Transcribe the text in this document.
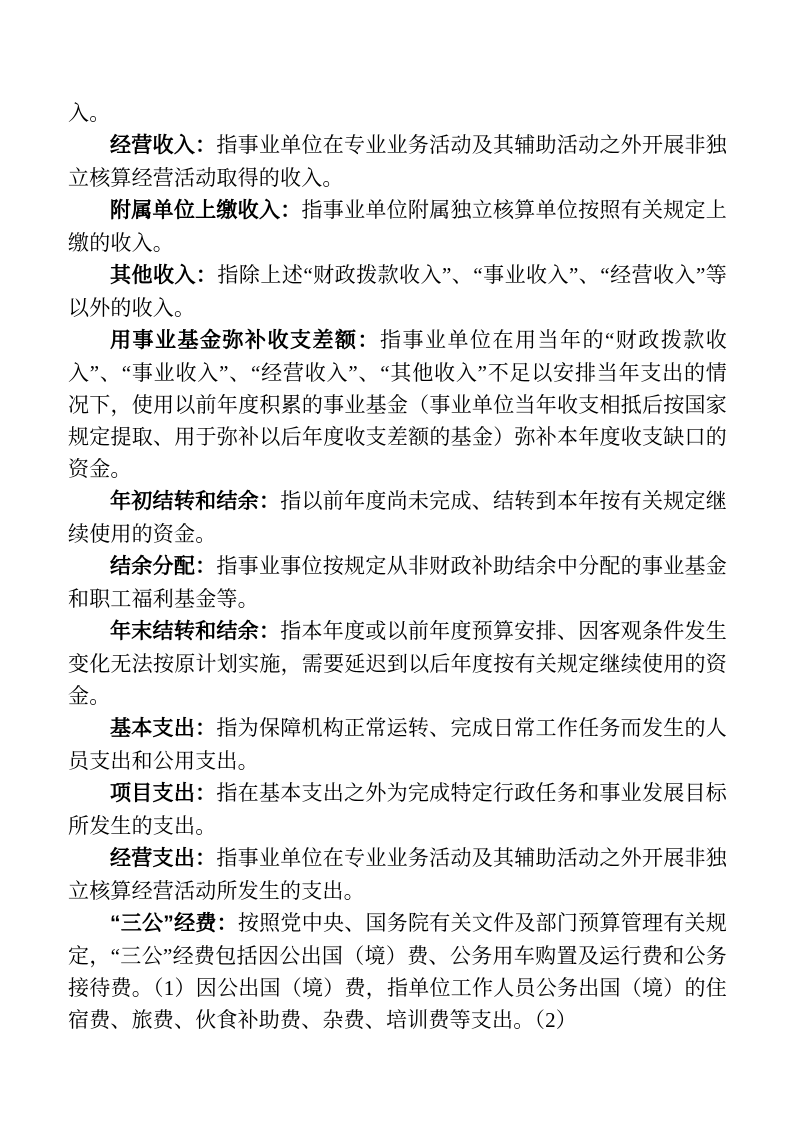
入。

经营收入：指事业单位在专业业务活动及其辅助活动之外开展非独立核算经营活动取得的收入。

附属单位上缴收入：指事业单位附属独立核算单位按照有关规定上缴的收入。

其他收入：指除上述“财政拨款收入”、“事业收入”、“经营收入”等以外的收入。

用事业基金弥补收支差额：指事业单位在用当年的“财政拨款收入”、“事业收入”、“经营收入”、“其他收入”不足以安排当年支出的情况下，使用以前年度积累的事业基金（事业单位当年收支相抵后按国家规定提取、用于弥补以后年度收支差额的基金）弥补本年度收支缺口的资金。

年初结转和结余：指以前年度尚未完成、结转到本年按有关规定继续使用的资金。

结余分配：指事业事位按规定从非财政补助结余中分配的事业基金和职工福利基金等。

年末结转和结余：指本年度或以前年度预算安排、因客观条件发生变化无法按原计划实施，需要延迟到以后年度按有关规定继续使用的资金。

基本支出：指为保障机构正常运转、完成日常工作任务而发生的人员支出和公用支出。

项目支出：指在基本支出之外为完成特定行政任务和事业发展目标所发生的支出。

经营支出：指事业单位在专业业务活动及其辅助活动之外开展非独立核算经营活动所发生的支出。

“三公”经费：按照党中央、国务院有关文件及部门预算管理有关规定，“三公”经费包括因公出国（境）费、公务用车购置及运行费和公务接待费。（1）因公出国（境）费，指单位工作人员公务出国（境）的住宿费、旅费、伙食补助费、杂费、培训费等支出。（2）
